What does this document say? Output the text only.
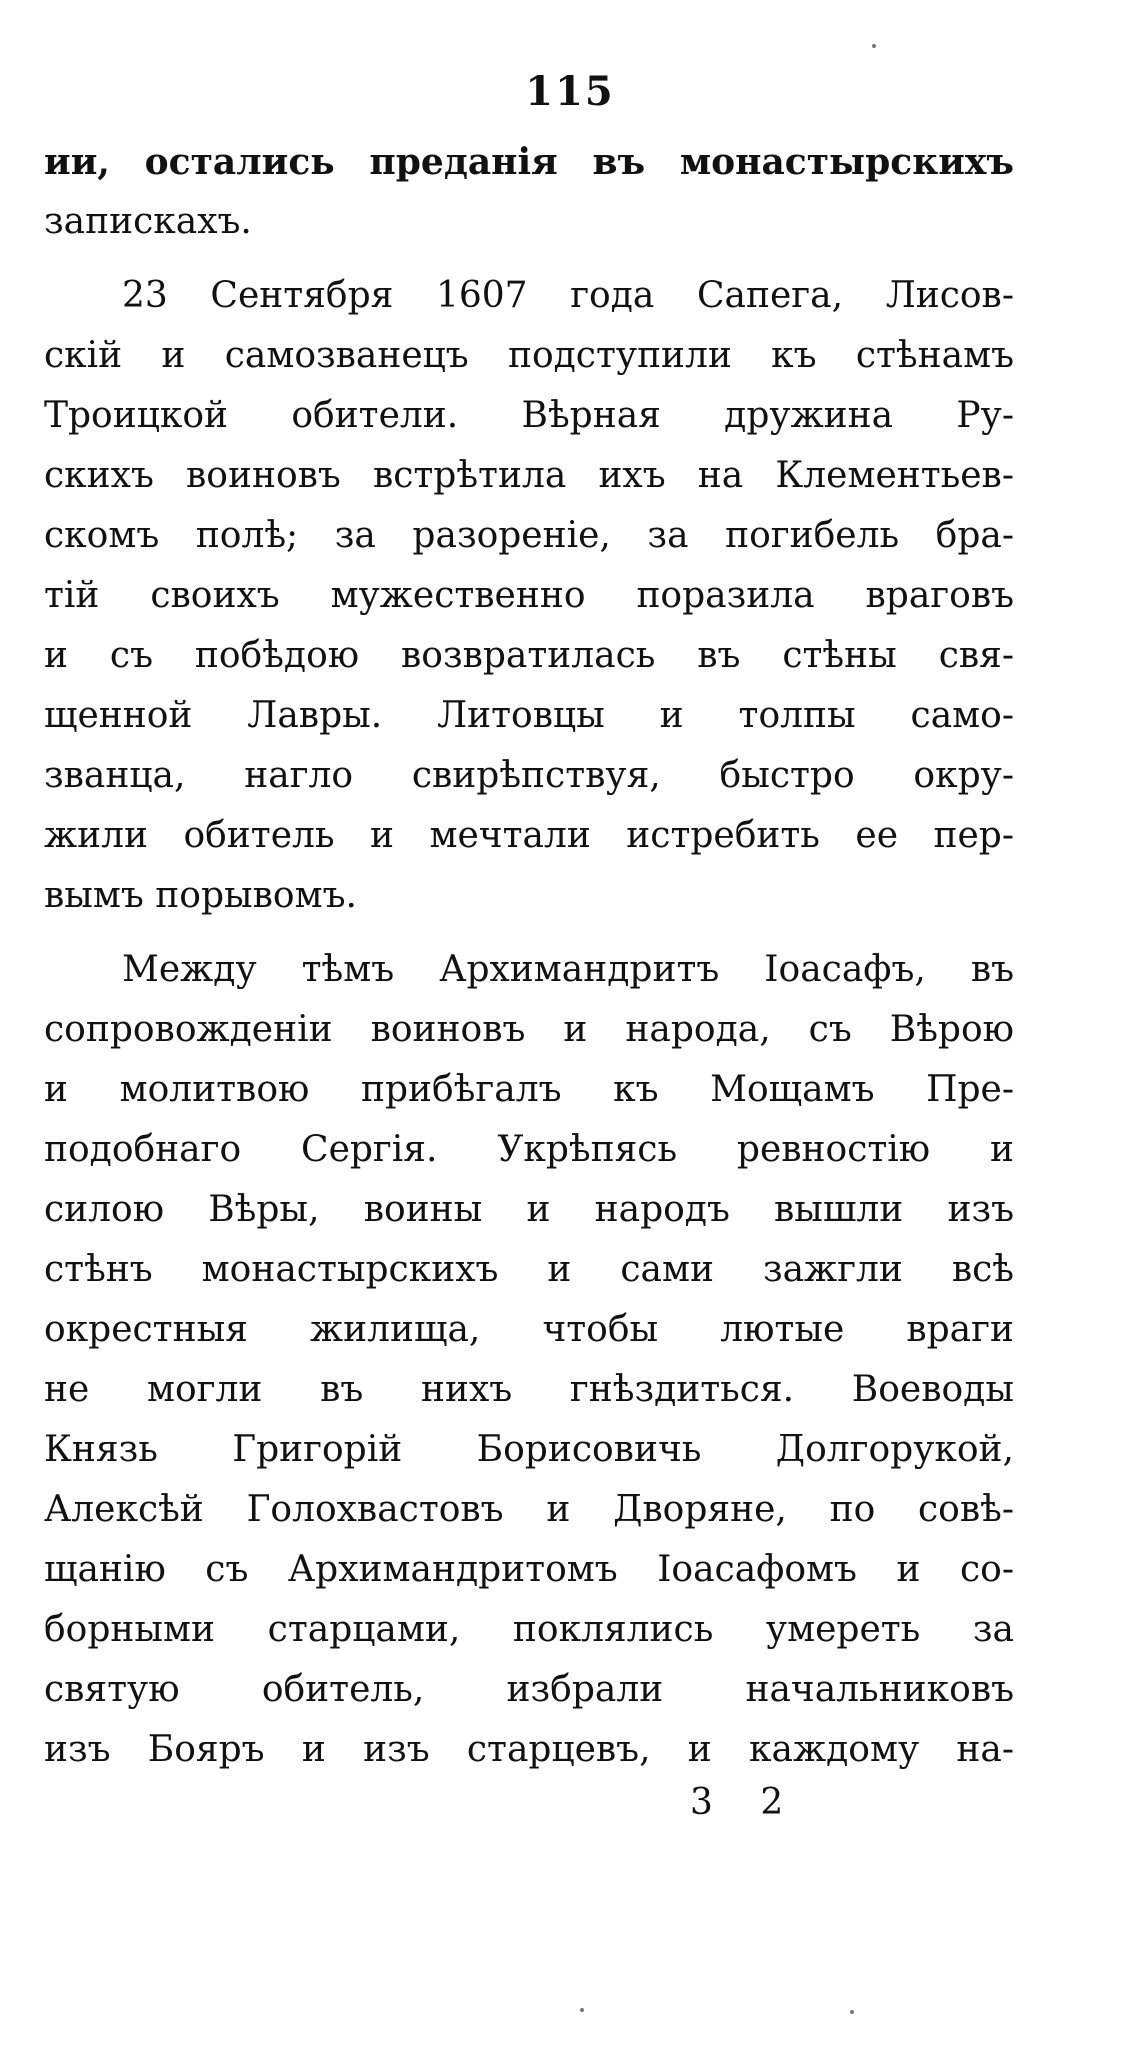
115
ии, остались преданія въ монастырскихъ
запискахъ.
23 Сентября 1607 года Сапега, Лисов-
скій и самозванецъ подступили къ стѣнамъ
Троицкой обители. Вѣрная дружина Ру-
скихъ воиновъ встрѣтила ихъ на Клементьев-
скомъ полѣ; за разореніе, за погибель бра-
тій своихъ мужественно поразила враговъ
и съ побѣдою возвратилась въ стѣны свя-
щенной Лавры. Литовцы и толпы само-
званца, нагло свирѣпствуя, быстро окру-
жили обитель и мечтали истребить ее пер-
вымъ порывомъ.
Между тѣмъ Архимандритъ Іоасафъ, въ
сопровожденіи воиновъ и народа, съ Вѣрою
и молитвою прибѣгалъ къ Мощамъ Пре-
подобнаго Сергія. Укрѣпясь ревностію и
силою Вѣры, воины и народъ вышли изъ
стѣнъ монастырскихъ и сами зажгли всѣ
окрестныя жилища, чтобы лютые враги
не могли въ нихъ гнѣздиться. Воеводы
Князь Григорій Борисовичь Долгорукой,
Алексѣй Голохвастовъ и Дворяне, по совѣ-
щанію съ Архимандритомъ Іоасафомъ и со-
борными старцами, поклялись умереть за
святую обитель, избрали начальниковъ
изъ Бояръ и изъ старцевъ, и каждому на-
3 2
